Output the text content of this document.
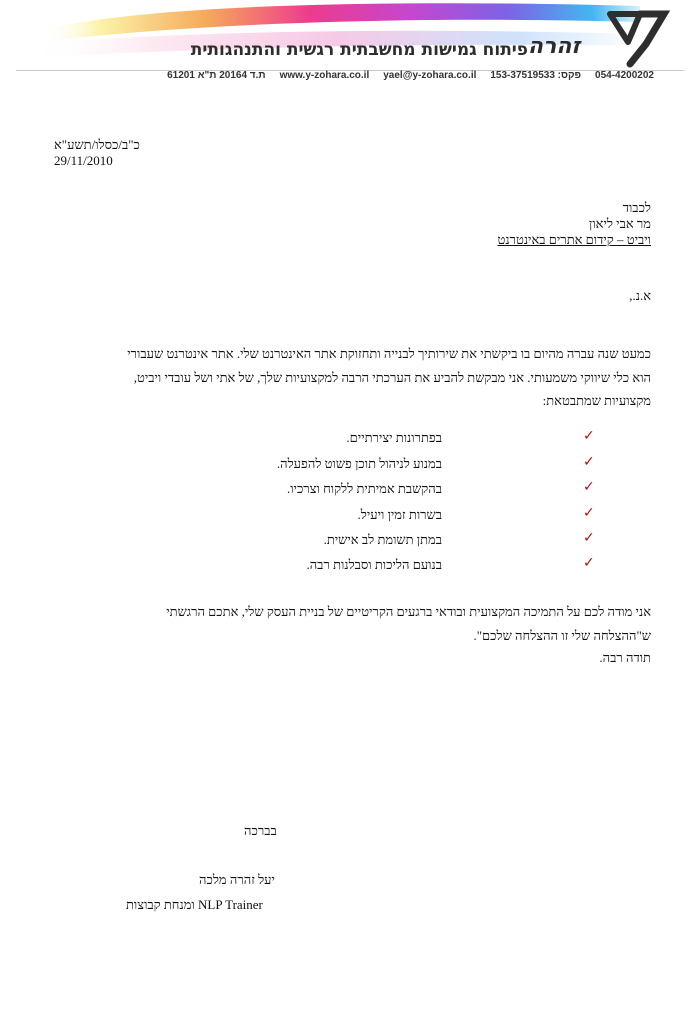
זהרה
פיתוח גמישות מחשבתית רגשית והתנהגותית
054-4200202
פקס: 153-37519533
yael@y-zohara.co.il
www.y-zohara.co.il
ת.ד 20164 ת"א 61201
כ"ב/כסלו/תשע"א
29/11/2010
לכבוד
מר אבי ליאון
ויביט – קידום אתרים באינטרנט
א.נ.,
כמעט שנה עברה מהיום בו ביקשתי את שירותיך לבנייה ותחזוקת אתר האינטרנט שלי. אתר אינטרנט שעבורי
הוא כלי שיווקי משמעותי. אני מבקשת להביע את הערכתי הרבה למקצועיות שלך, של אתי ושל עובדי ויביט,
מקצועיות שמתבטאת:
✓
בפתרונות יצירתיים.
✓
במנוע לניהול תוכן פשוט להפעלה.
✓
בהקשבת אמיתית ללקוח וצרכיו.
✓
בשרות זמין ויעיל.
✓
במתן תשומת לב אישית.
✓
בנועם הליכות וסבלנות רבה.
אני מודה לכם על התמיכה המקצועית ובודאי ברגעים הקריטיים של בניית העסק שלי, אתכם הרגשתי
ש"ההצלחה שלי זו ההצלחה שלכם".
תודה רבה.
בברכה
יעל זהרה מלכה
NLP Trainer ומנחת קבוצות
